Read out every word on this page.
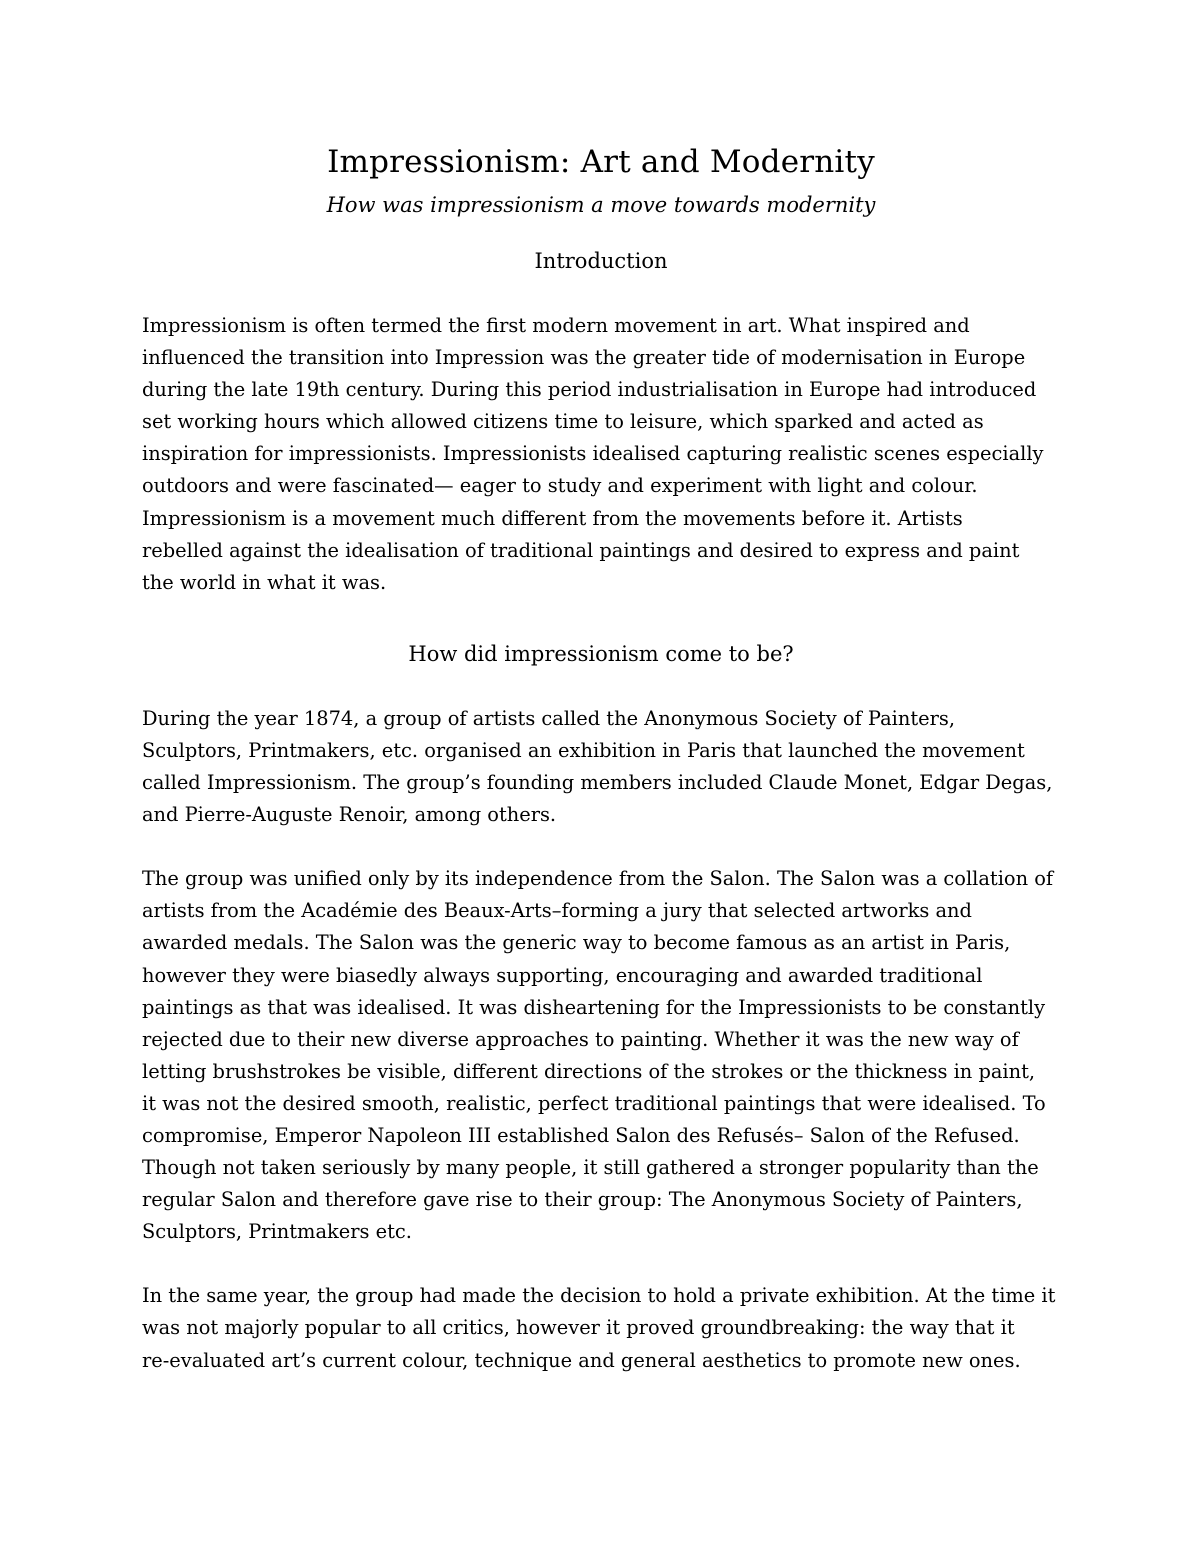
Impressionism: Art and Modernity
How was impressionism a move towards modernity
Introduction

Impressionism is often termed the first modern movement in art. What inspired and
influenced the transition into Impression was the greater tide of modernisation in Europe
during the late 19th century. During this period industrialisation in Europe had introduced
set working hours which allowed citizens time to leisure, which sparked and acted as
inspiration for impressionists. Impressionists idealised capturing realistic scenes especially
outdoors and were fascinated— eager to study and experiment with light and colour.
Impressionism is a movement much different from the movements before it. Artists
rebelled against the idealisation of traditional paintings and desired to express and paint
the world in what it was.

How did impressionism come to be?

During the year 1874, a group of artists called the Anonymous Society of Painters,
Sculptors, Printmakers, etc. organised an exhibition in Paris that launched the movement
called Impressionism. The group’s founding members included Claude Monet, Edgar Degas,
and Pierre-Auguste Renoir, among others.

The group was unified only by its independence from the Salon. The Salon was a collation of
artists from the Académie des Beaux-Arts–forming a jury that selected artworks and
awarded medals. The Salon was the generic way to become famous as an artist in Paris,
however they were biasedly always supporting, encouraging and awarded traditional
paintings as that was idealised. It was disheartening for the Impressionists to be constantly
rejected due to their new diverse approaches to painting. Whether it was the new way of
letting brushstrokes be visible, different directions of the strokes or the thickness in paint,
it was not the desired smooth, realistic, perfect traditional paintings that were idealised. To
compromise, Emperor Napoleon III established Salon des Refusés– Salon of the Refused.
Though not taken seriously by many people, it still gathered a stronger popularity than the
regular Salon and therefore gave rise to their group: The Anonymous Society of Painters,
Sculptors, Printmakers etc.

In the same year, the group had made the decision to hold a private exhibition. At the time it
was not majorly popular to all critics, however it proved groundbreaking: the way that it
re-evaluated art’s current colour, technique and general aesthetics to promote new ones.
